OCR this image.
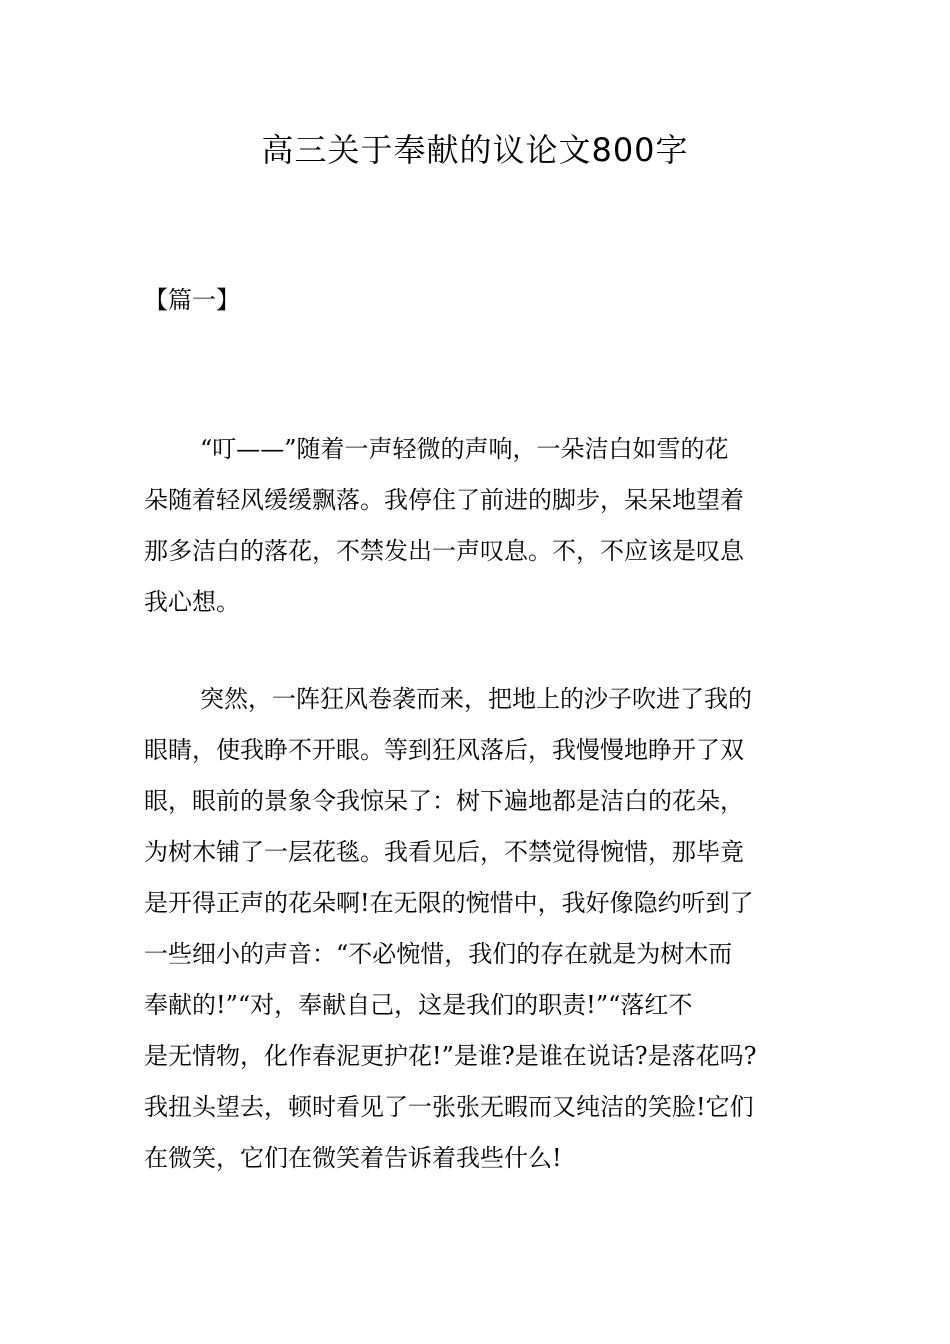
高三关于奉献的议论文800字
【篇一】

“叮——”随着一声轻微的声响，一朵洁白如雪的花
朵随着轻风缓缓飘落。我停住了前进的脚步，呆呆地望着
那多洁白的落花，不禁发出一声叹息。不，不应该是叹息
我心想。

突然，一阵狂风卷袭而来，把地上的沙子吹进了我的
眼睛，使我睁不开眼。等到狂风落后，我慢慢地睁开了双
眼，眼前的景象令我惊呆了：树下遍地都是洁白的花朵，
为树木铺了一层花毯。我看见后，不禁觉得惋惜，那毕竟
是开得正声的花朵啊!在无限的惋惜中，我好像隐约听到了
一些细小的声音：“不必惋惜，我们的存在就是为树木而
奉献的!”“对，奉献自己，这是我们的职责!”“落红不
是无情物，化作春泥更护花!”是谁?是谁在说话?是落花吗?
我扭头望去，顿时看见了一张张无暇而又纯洁的笑脸!它们
在微笑，它们在微笑着告诉着我些什么!
